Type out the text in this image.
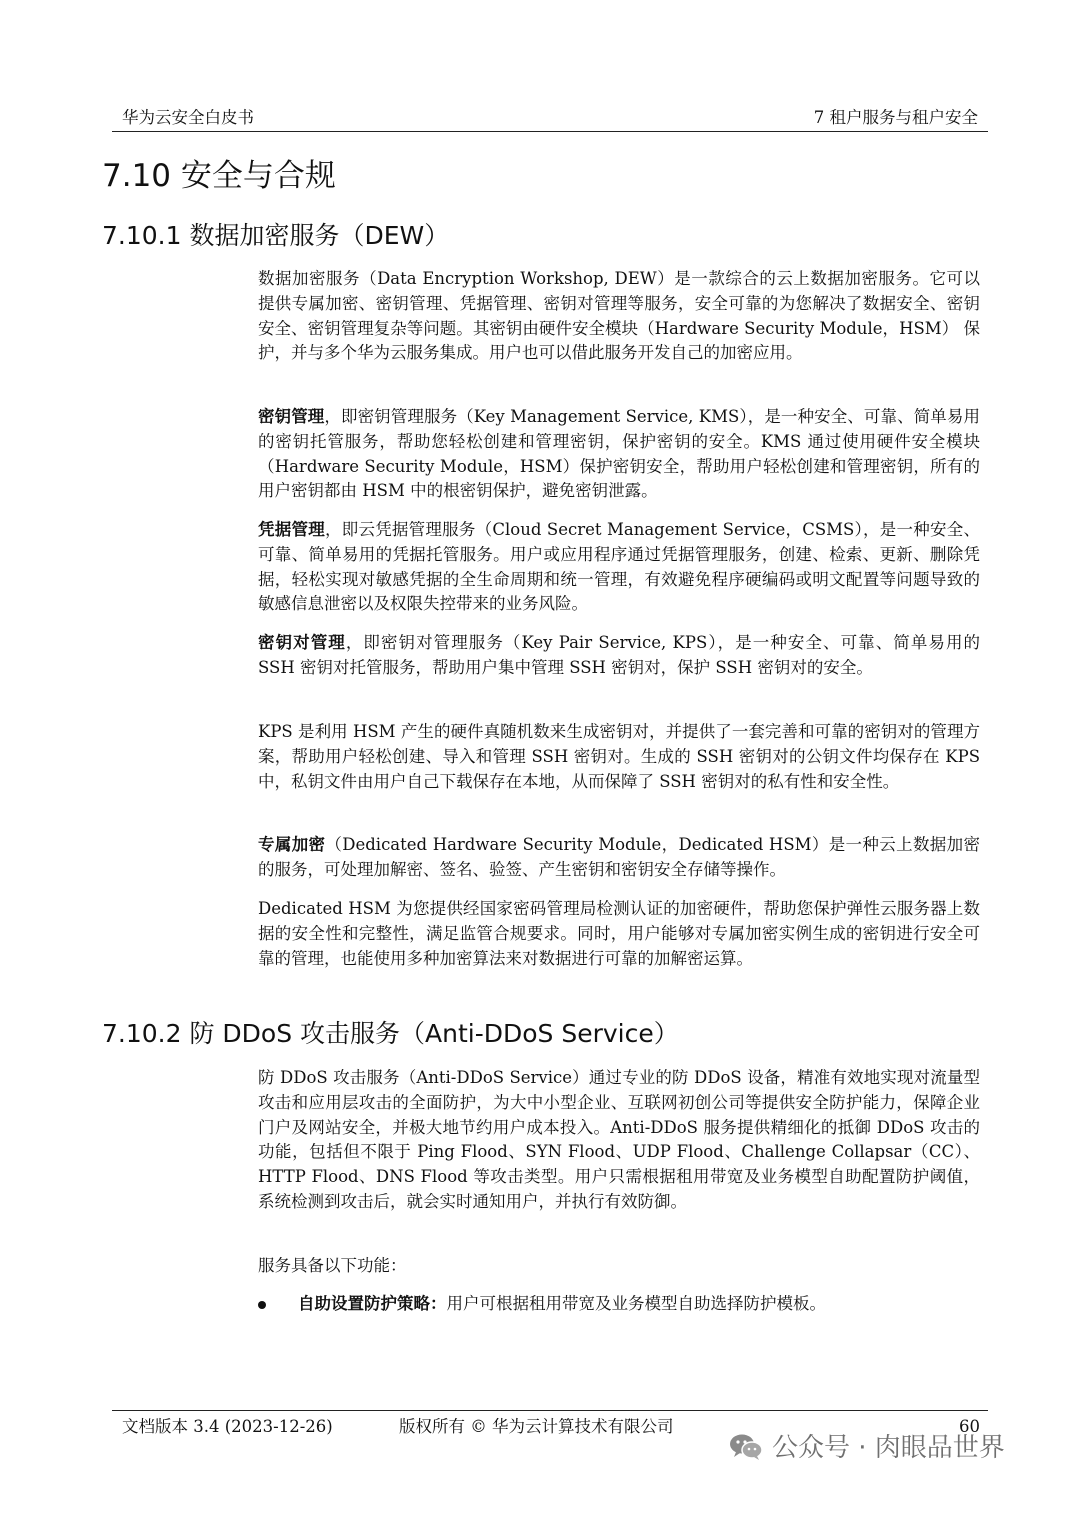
华为云安全白皮书	7 租户服务与租户安全
7.10 安全与合规
7.10.1 数据加密服务（DEW）

数据加密服务（Data Encryption Workshop, DEW）是一款综合的云上数据加密服务。它可以提供专属加密、密钥管理、凭据管理、密钥对管理等服务，安全可靠的为您解决了数据安全、密钥安全、密钥管理复杂等问题。其密钥由硬件安全模块（Hardware Security Module，HSM） 保护，并与多个华为云服务集成。用户也可以借此服务开发自己的加密应用。

密钥管理，即密钥管理服务（Key Management Service, KMS），是一种安全、可靠、简单易用的密钥托管服务，帮助您轻松创建和管理密钥，保护密钥的安全。KMS 通过使用硬件安全模块（Hardware Security Module，HSM）保护密钥安全，帮助用户轻松创建和管理密钥，所有的用户密钥都由 HSM 中的根密钥保护，避免密钥泄露。

凭据管理，即云凭据管理服务（Cloud Secret Management Service，CSMS），是一种安全、可靠、简单易用的凭据托管服务。用户或应用程序通过凭据管理服务，创建、检索、更新、删除凭据，轻松实现对敏感凭据的全生命周期和统一管理，有效避免程序硬编码或明文配置等问题导致的敏感信息泄密以及权限失控带来的业务风险。

密钥对管理，即密钥对管理服务（Key Pair Service, KPS），是一种安全、可靠、简单易用的 SSH 密钥对托管服务，帮助用户集中管理 SSH 密钥对，保护 SSH 密钥对的安全。

KPS 是利用 HSM 产生的硬件真随机数来生成密钥对，并提供了一套完善和可靠的密钥对的管理方案，帮助用户轻松创建、导入和管理 SSH 密钥对。生成的 SSH 密钥对的公钥文件均保存在 KPS 中，私钥文件由用户自己下载保存在本地，从而保障了 SSH 密钥对的私有性和安全性。

专属加密（Dedicated Hardware Security Module，Dedicated HSM）是一种云上数据加密的服务，可处理加解密、签名、验签、产生密钥和密钥安全存储等操作。

Dedicated HSM 为您提供经国家密码管理局检测认证的加密硬件，帮助您保护弹性云服务器上数据的安全性和完整性，满足监管合规要求。同时，用户能够对专属加密实例生成的密钥进行安全可靠的管理，也能使用多种加密算法来对数据进行可靠的加解密运算。

7.10.2 防 DDoS 攻击服务（Anti-DDoS Service）

防 DDoS 攻击服务（Anti-DDoS Service）通过专业的防 DDoS 设备，精准有效地实现对流量型攻击和应用层攻击的全面防护，为大中小型企业、互联网初创公司等提供安全防护能力，保障企业门户及网站安全，并极大地节约用户成本投入。Anti-DDoS 服务提供精细化的抵御 DDoS 攻击的功能，包括但不限于 Ping Flood、SYN Flood、UDP Flood、Challenge Collapsar（CC）、HTTP Flood、DNS Flood 等攻击类型。用户只需根据租用带宽及业务模型自助配置防护阈值，系统检测到攻击后，就会实时通知用户，并执行有效防御。

服务具备以下功能：

自助设置防护策略：用户可根据租用带宽及业务模型自助选择防护模板。
文档版本 3.4 (2023-12-26)	版权所有 © 华为云计算技术有限公司	60
公众号 · 肉眼品世界
